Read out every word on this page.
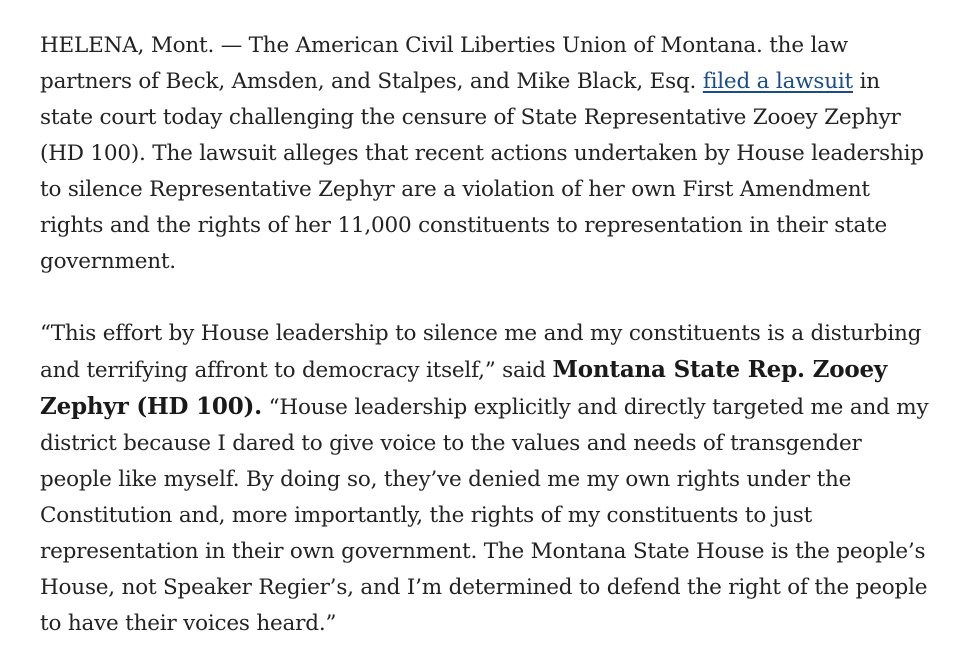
HELENA, Mont. — The American Civil Liberties Union of Montana. the law partners of Beck, Amsden, and Stalpes, and Mike Black, Esq. filed a lawsuit in state court today challenging the censure of State Representative Zooey Zephyr (HD 100). The lawsuit alleges that recent actions undertaken by House leadership to silence Representative Zephyr are a violation of her own First Amendment rights and the rights of her 11,000 constituents to representation in their state government.

“This effort by House leadership to silence me and my constituents is a disturbing and terrifying affront to democracy itself,” said Montana State Rep. Zooey Zephyr (HD 100). “House leadership explicitly and directly targeted me and my district because I dared to give voice to the values and needs of transgender people like myself. By doing so, they’ve denied me my own rights under the Constitution and, more importantly, the rights of my constituents to just representation in their own government. The Montana State House is the people’s House, not Speaker Regier’s, and I’m determined to defend the right of the people to have their voices heard.”
